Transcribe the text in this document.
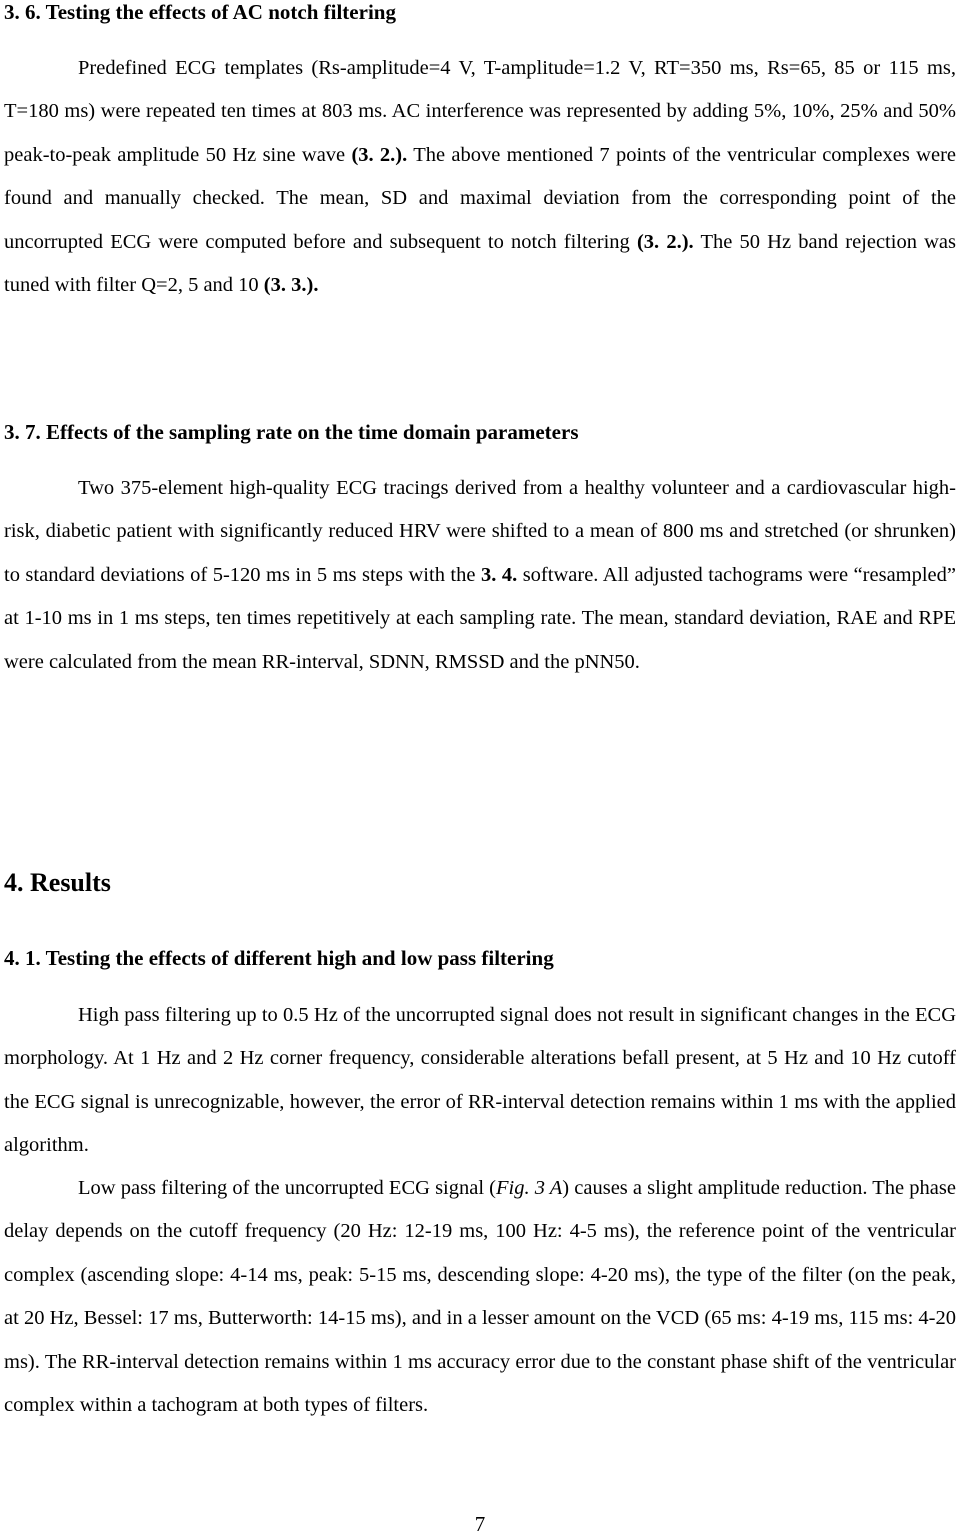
3. 6. Testing the effects of AC notch filtering

Predefined ECG templates (Rs-amplitude=4 V, T-amplitude=1.2 V, RT=350 ms, Rs=65, 85 or 115 ms, T=180 ms) were repeated ten times at 803 ms. AC interference was represented by adding 5%, 10%, 25% and 50% peak-to-peak amplitude 50 Hz sine wave (3. 2.). The above mentioned 7 points of the ventricular complexes were found and manually checked. The mean, SD and maximal deviation from the corresponding point of the uncorrupted ECG were computed before and subsequent to notch filtering (3. 2.). The 50 Hz band rejection was tuned with filter Q=2, 5 and 10 (3. 3.).

3. 7. Effects of the sampling rate on the time domain parameters

Two 375-element high-quality ECG tracings derived from a healthy volunteer and a cardiovascular high-risk, diabetic patient with significantly reduced HRV were shifted to a mean of 800 ms and stretched (or shrunken) to standard deviations of 5-120 ms in 5 ms steps with the 3. 4. software. All adjusted tachograms were “resampled” at 1-10 ms in 1 ms steps, ten times repetitively at each sampling rate. The mean, standard deviation, RAE and RPE were calculated from the mean RR-interval, SDNN, RMSSD and the pNN50.

4. Results
4. 1. Testing the effects of different high and low pass filtering

High pass filtering up to 0.5 Hz of the uncorrupted signal does not result in significant changes in the ECG morphology. At 1 Hz and 2 Hz corner frequency, considerable alterations befall present, at 5 Hz and 10 Hz cutoff the ECG signal is unrecognizable, however, the error of RR-interval detection remains within 1 ms with the applied algorithm.

Low pass filtering of the uncorrupted ECG signal (Fig. 3 A) causes a slight amplitude reduction. The phase delay depends on the cutoff frequency (20 Hz: 12-19 ms, 100 Hz: 4-5 ms), the reference point of the ventricular complex (ascending slope: 4-14 ms, peak: 5-15 ms, descending slope: 4-20 ms), the type of the filter (on the peak, at 20 Hz, Bessel: 17 ms, Butterworth: 14-15 ms), and in a lesser amount on the VCD (65 ms: 4-19 ms, 115 ms: 4-20 ms). The RR-interval detection remains within 1 ms accuracy error due to the constant phase shift of the ventricular complex within a tachogram at both types of filters.

7
